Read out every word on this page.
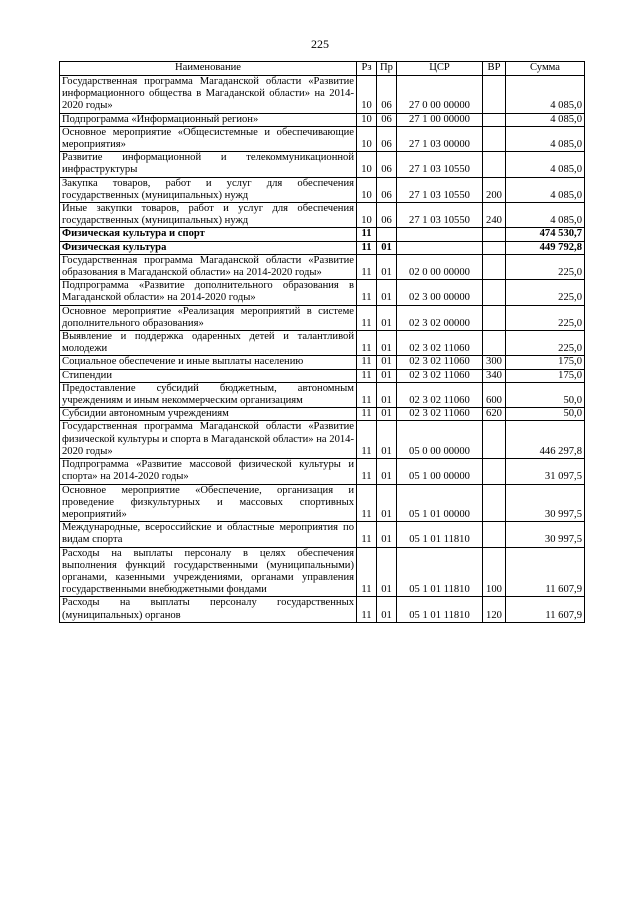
225
Наименование	Рз	Пр	ЦСР	ВР	Сумма
Государственная программа Магаданской области «Развитие информационного общества в Магаданской области» на 2014-2020 годы»	10	06	27 0 00 00000		4 085,0
Подпрограмма «Информационный регион»	10	06	27 1 00 00000		4 085,0
Основное мероприятие «Общесистемные и обеспечивающие мероприятия»	10	06	27 1 03 00000		4 085,0
Развитие информационной и телекоммуникационной инфраструктуры	10	06	27 1 03 10550		4 085,0
Закупка товаров, работ и услуг для обеспечения государственных (муниципальных) нужд	10	06	27 1 03 10550	200	4 085,0
Иные закупки товаров, работ и услуг для обеспечения государственных (муниципальных) нужд	10	06	27 1 03 10550	240	4 085,0
Физическая культура и спорт	11				474 530,7
Физическая культура	11	01			449 792,8
Государственная программа Магаданской области «Развитие образования в Магаданской области» на 2014-2020 годы»	11	01	02 0 00 00000		225,0
Подпрограмма «Развитие дополнительного образования в Магаданской области» на 2014-2020 годы»	11	01	02 3 00 00000		225,0
Основное мероприятие «Реализация мероприятий в системе дополнительного образования»	11	01	02 3 02 00000		225,0
Выявление и поддержка одаренных детей и талантливой молодежи	11	01	02 3 02 11060		225,0
Социальное обеспечение и иные выплаты населению	11	01	02 3 02 11060	300	175,0
Стипендии	11	01	02 3 02 11060	340	175,0
Предоставление субсидий бюджетным, автономным учреждениям и иным некоммерческим организациям	11	01	02 3 02 11060	600	50,0
Субсидии автономным учреждениям	11	01	02 3 02 11060	620	50,0
Государственная программа Магаданской области «Развитие физической культуры и спорта в Магаданской области» на 2014-2020 годы»	11	01	05 0 00 00000		446 297,8
Подпрограмма «Развитие массовой физической культуры и спорта» на 2014-2020 годы»	11	01	05 1 00 00000		31 097,5
Основное мероприятие «Обеспечение, организация и проведение физкультурных и массовых спортивных мероприятий»	11	01	05 1 01 00000		30 997,5
Международные, всероссийские и областные мероприятия по видам спорта	11	01	05 1 01 11810		30 997,5
Расходы на выплаты персоналу в целях обеспечения выполнения функций государственными (муниципальными) органами, казенными учреждениями, органами управления государственными внебюджетными фондами	11	01	05 1 01 11810	100	11 607,9
Расходы на выплаты персоналу государственных (муниципальных) органов	11	01	05 1 01 11810	120	11 607,9
